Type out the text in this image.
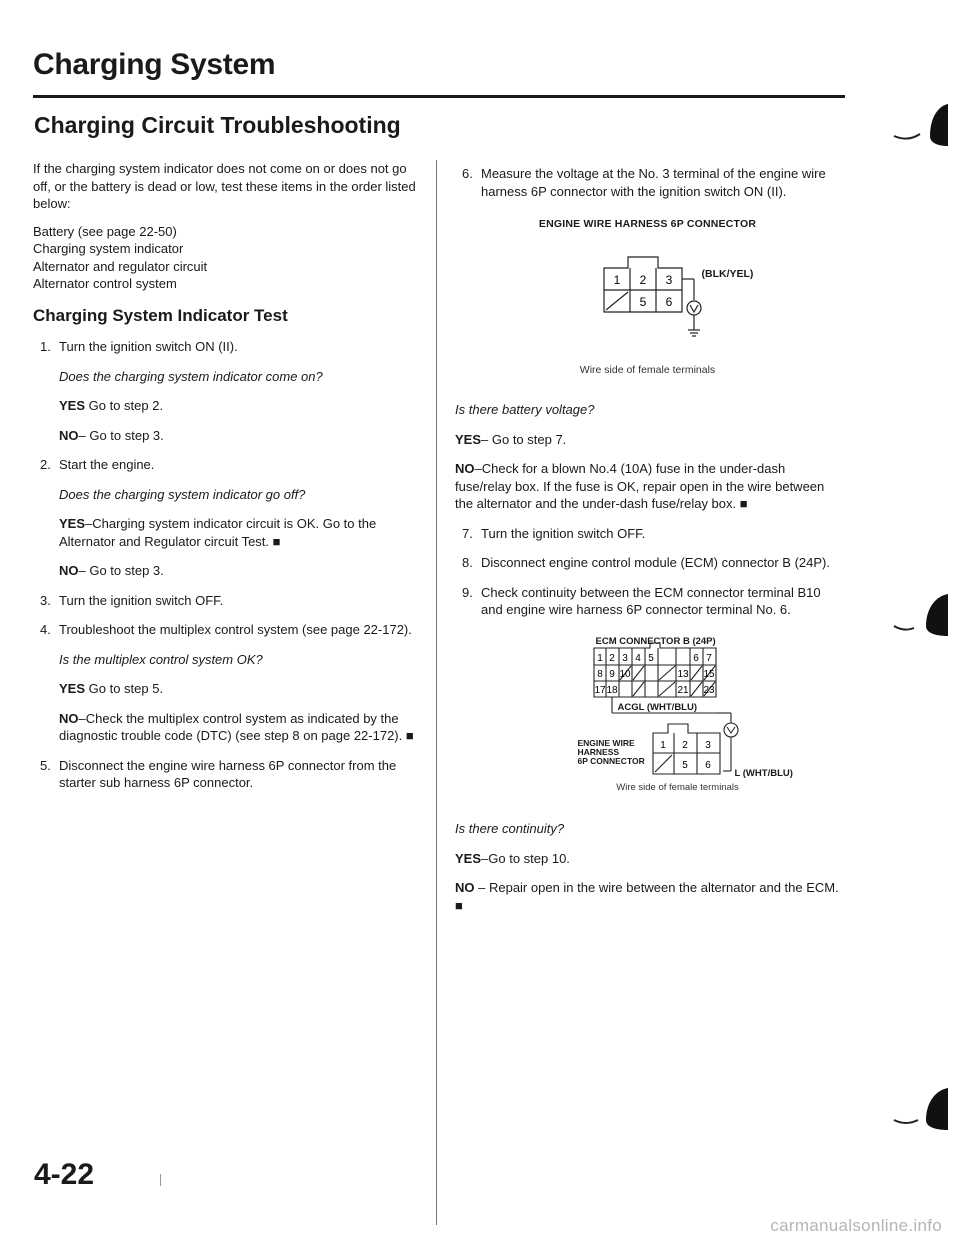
Charging System
Charging Circuit Troubleshooting

If the charging system indicator does not come on or does not go off, or the battery is dead or low, test these items in the order listed below:

Battery (see page 22-50)
Charging system indicator
Alternator and regulator circuit
Alternator control system
Charging System Indicator Test
1. Turn the ignition switch ON (II).

Does the charging system indicator come on?

YES Go to step 2.

NO– Go to step 3.

2. Start the engine.

Does the charging system indicator go off?

YES–Charging system indicator circuit is OK. Go to the Alternator and Regulator circuit Test. ■

NO– Go to step 3.

3. Turn the ignition switch OFF.
4. Troubleshoot the multiplex control system (see page 22-172).

Is the multiplex control system OK?

YES Go to step 5.

NO–Check the multiplex control system as indicated by the diagnostic trouble code (DTC) (see step 8 on page 22-172). ■

5. Disconnect the engine wire harness 6P connector from the starter sub harness 6P connector.
6. Measure the voltage at the No. 3 terminal of the engine wire harness 6P connector with the ignition switch ON (II).
ENGINE WIRE HARNESS 6P CONNECTOR
1 2 3
5 6
(BLK/YEL)
Wire side of female terminals

Is there battery voltage?

YES– Go to step 7.

NO–Check for a blown No.4 (10A) fuse in the under-dash fuse/relay box. If the fuse is OK, repair open in the wire between the alternator and the under-dash fuse/relay box. ■

7. Turn the ignition switch OFF.
8. Disconnect engine control module (ECM) connector B (24P).
9. Check continuity between the ECM connector terminal B10 and engine wire harness 6P connector terminal No. 6.
ECM CONNECTOR B (24P)
1 2 3 4 5	6 7
8 9 10	13 15
17 18	21 23
1 2 3
5 6
ACGL (WHT/BLU)
ENGINE WIRE
HARNESS
6P CONNECTOR
L (WHT/BLU)
Wire side of female terminals

Is there continuity?

YES–Go to step 10.

NO – Repair open in the wire between the alternator and the ECM. ■

4-22
carmanualsonline.info
